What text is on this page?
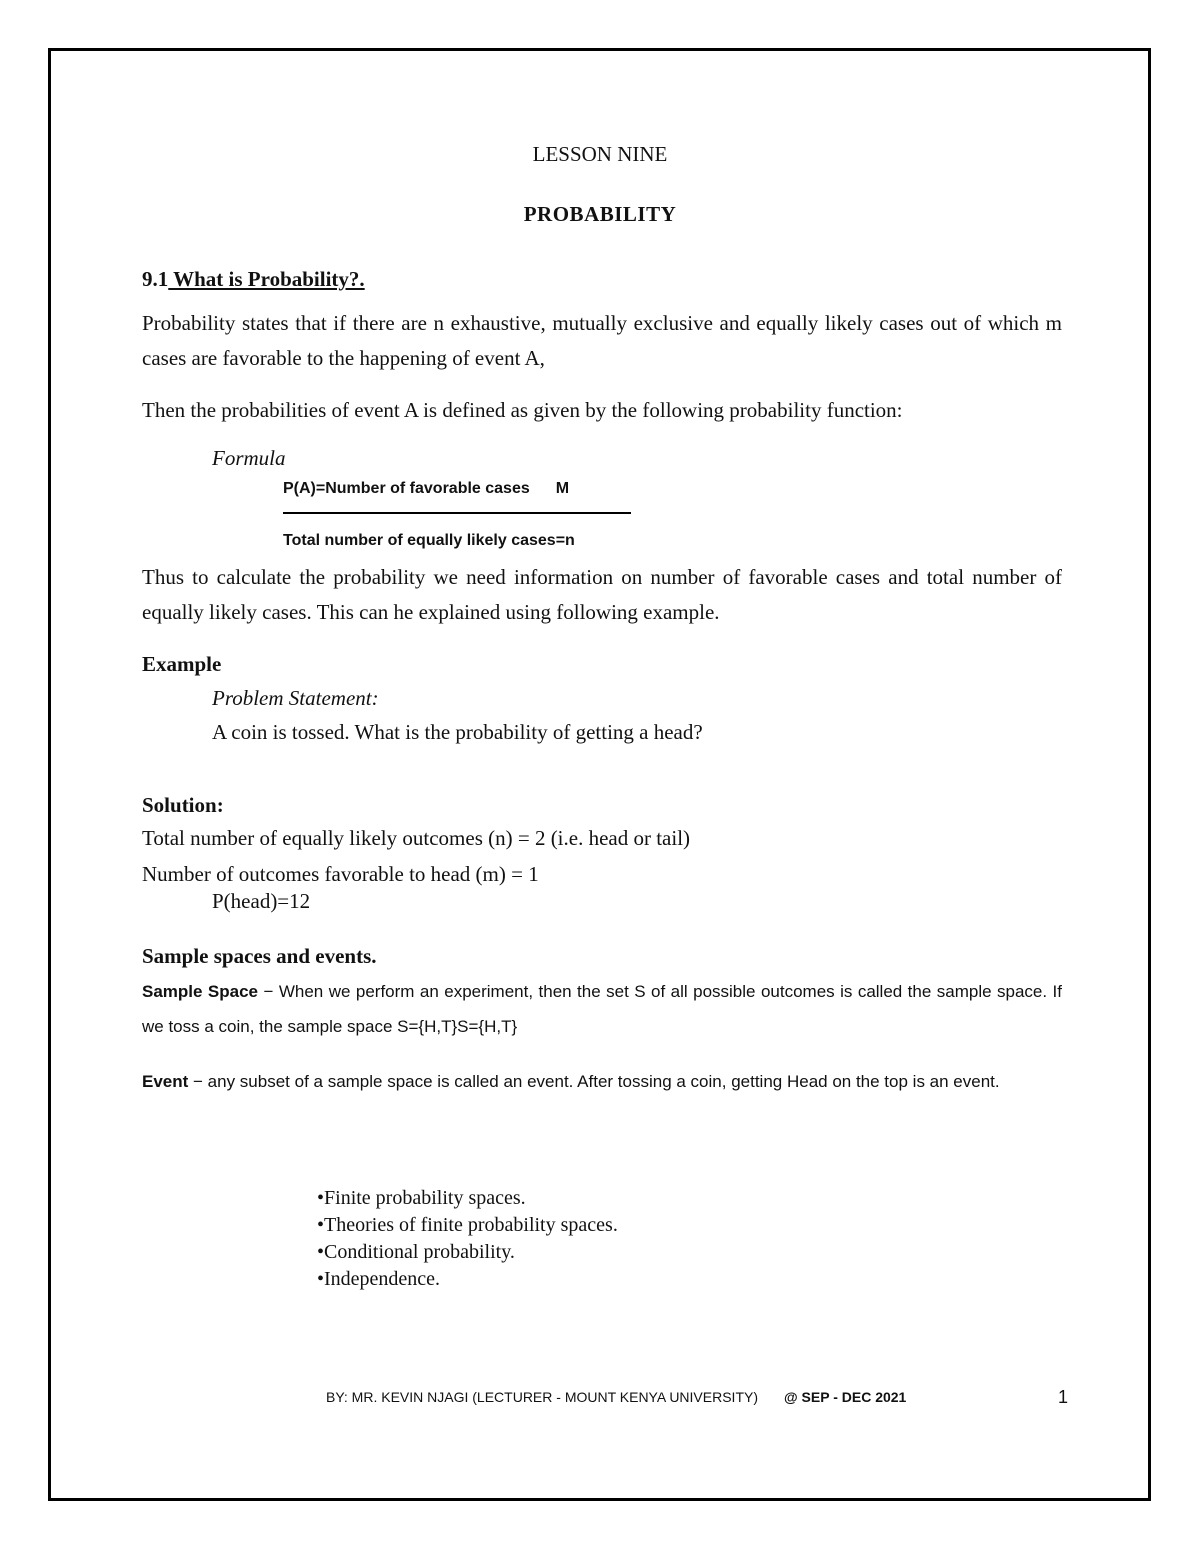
LESSON NINE
PROBABILITY
9.1 What is Probability?.
Probability states that if there are n exhaustive, mutually exclusive and equally likely cases out of which m cases are favorable to the happening of event A,
Then the probabilities of event A is defined as given by the following probability function:
Formula
P(A)=Number of favorable cases M
Total number of equally likely cases=n
Thus to calculate the probability we need information on number of favorable cases and total number of equally likely cases. This can he explained using following example.
Example
Problem Statement:
A coin is tossed. What is the probability of getting a head?
Solution:
Total number of equally likely outcomes (n) = 2 (i.e. head or tail)
Number of outcomes favorable to head (m) = 1
P(head)=12
Sample spaces and events.
Sample Space − When we perform an experiment, then the set S of all possible outcomes is called the sample space. If we toss a coin, the sample space S={H,T}S={H,T}
Event − any subset of a sample space is called an event. After tossing a coin, getting Head on the top is an event.
• Finite probability spaces.
• Theories of finite probability spaces.
• Conditional probability.
• Independence.
BY: MR. KEVIN NJAGI (LECTURER - MOUNT KENYA UNIVERSITY) @ SEP - DEC 2021	1
